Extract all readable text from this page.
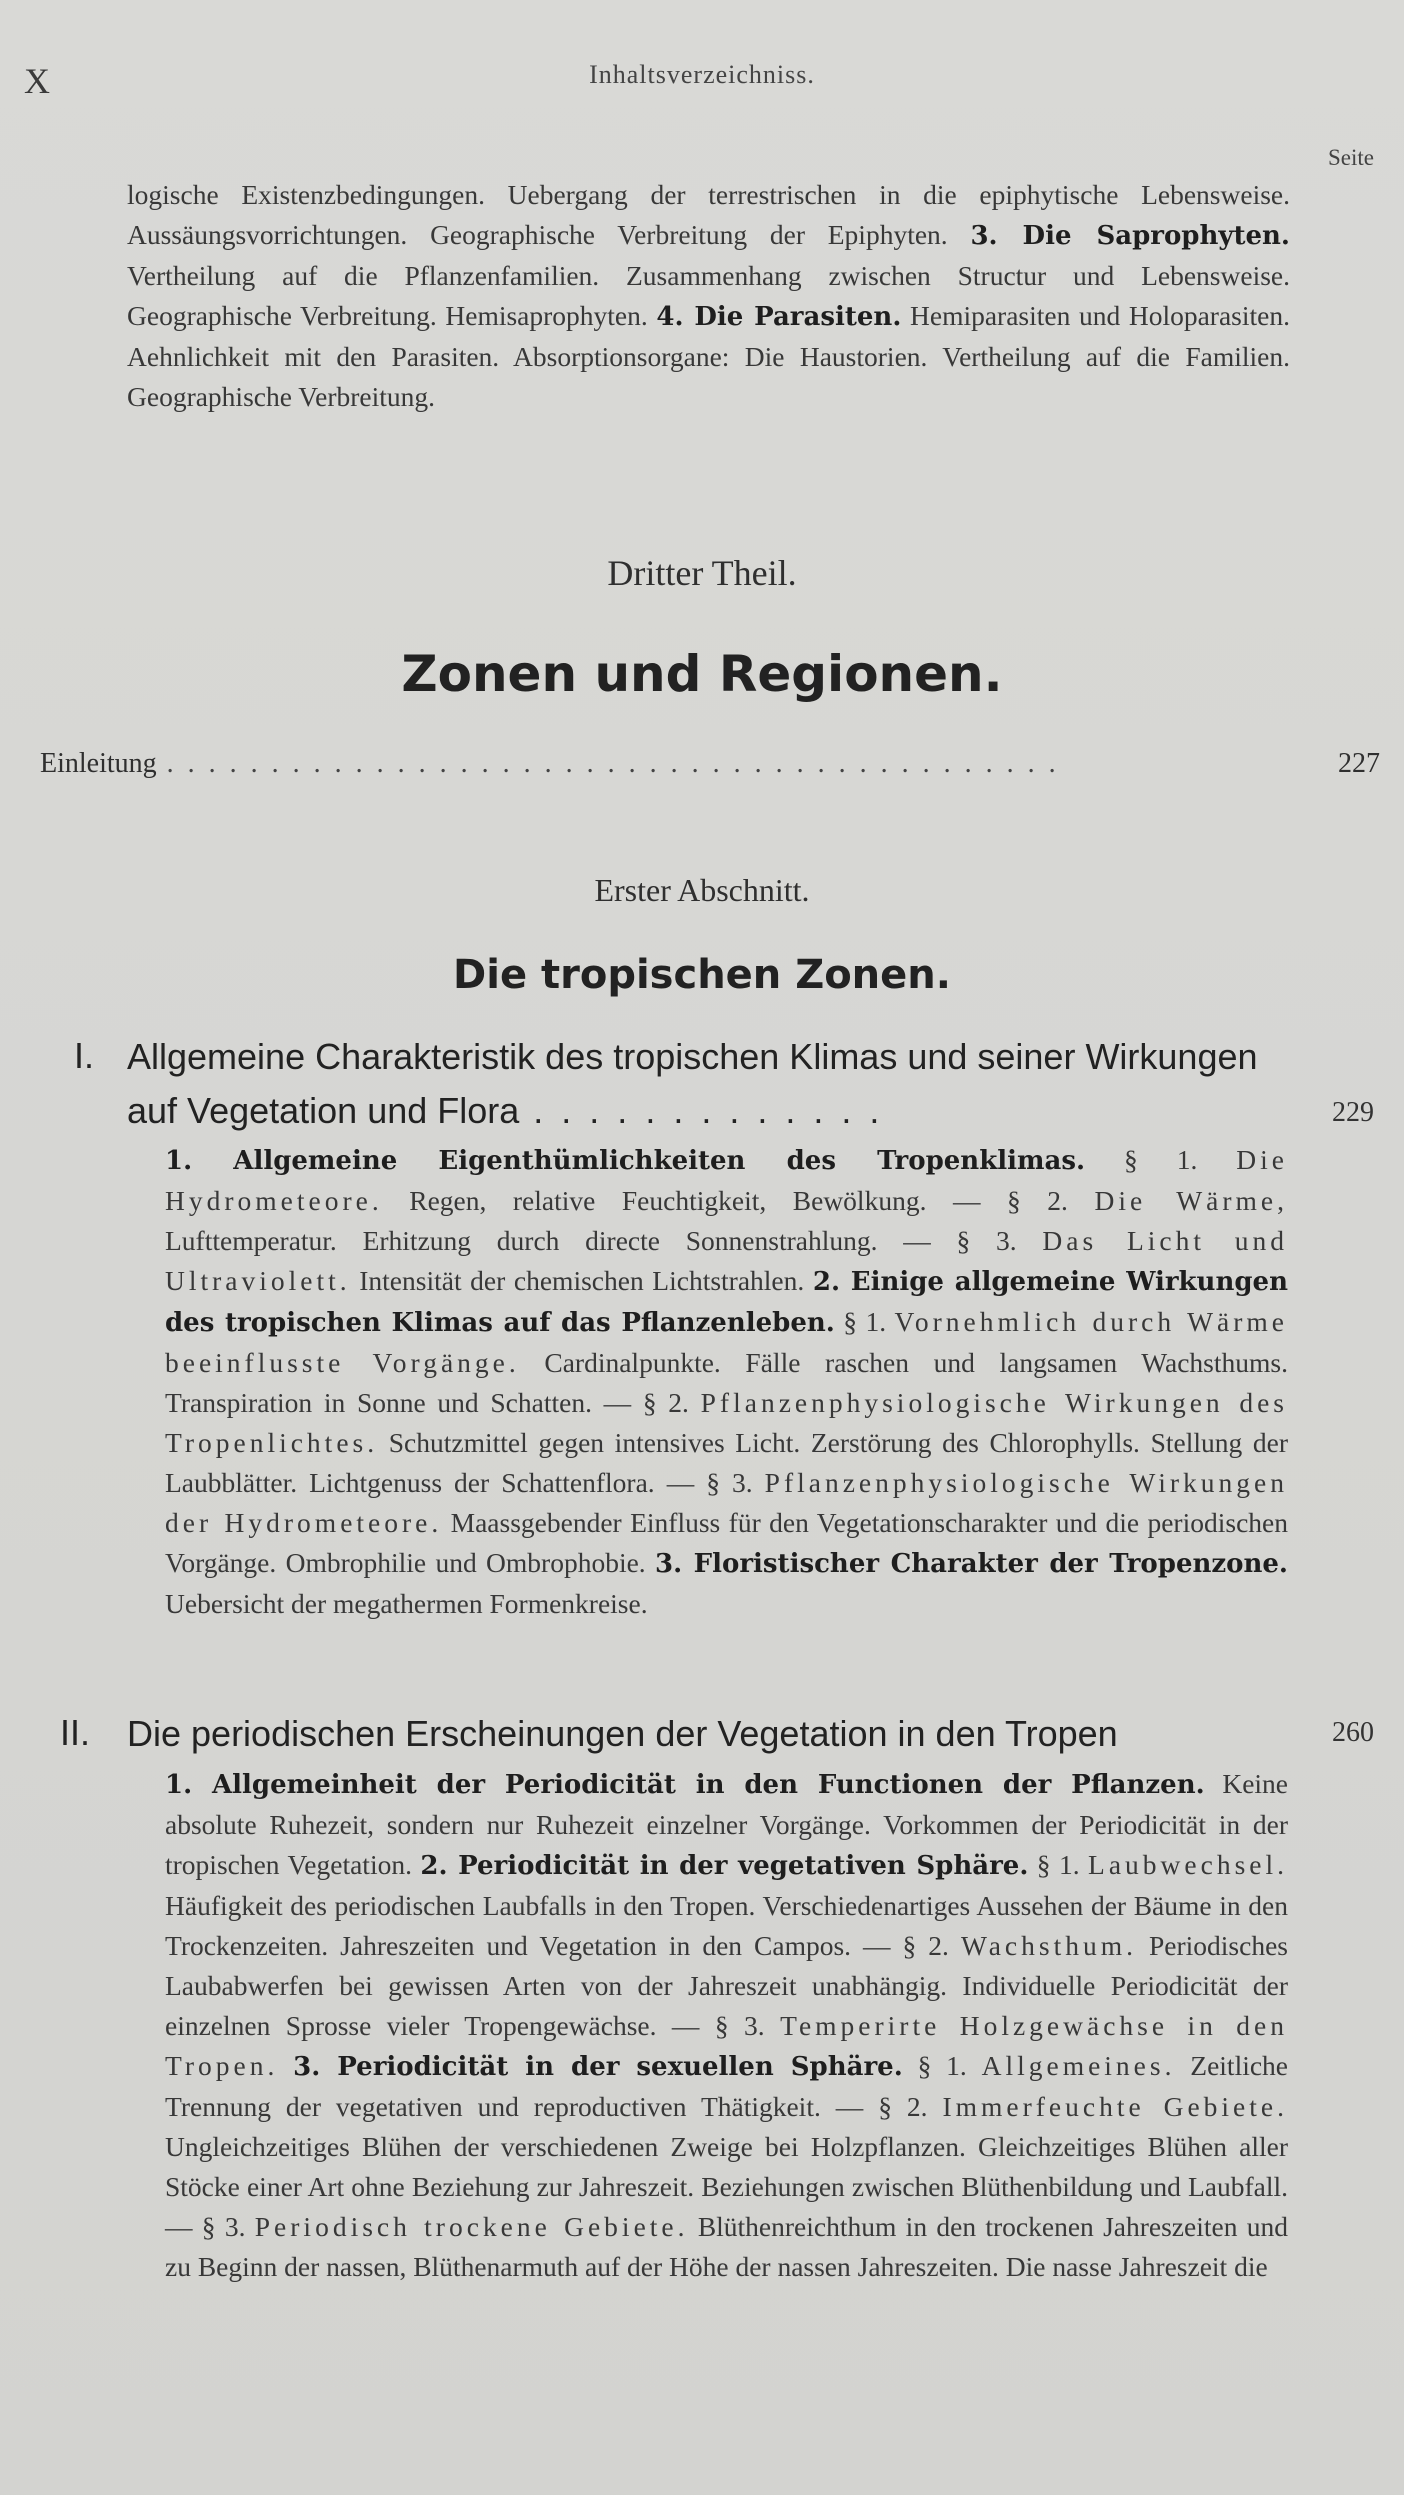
X	Inhaltsverzeichniss.
Seite
logische Existenzbedingungen. Uebergang der terrestrischen in die epiphytische Lebensweise. Aussäungsvorrichtungen. Geographische Verbreitung der Epiphyten. 3. Die Saprophyten. Vertheilung auf die Pflanzenfamilien. Zusammenhang zwischen Structur und Lebensweise. Geographische Verbreitung. Hemisaprophyten. 4. Die Parasiten. Hemiparasiten und Holoparasiten. Aehnlichkeit mit den Parasiten. Absorptionsorgane: Die Haustorien. Vertheilung auf die Familien. Geographische Verbreitung.
Dritter Theil.
Zonen und Regionen.
Einleitung ...........................................	227
Erster Abschnitt.
Die tropischen Zonen.
I. Allgemeine Charakteristik des tropischen Klimas und seiner Wirkungen auf Vegetation und Flora . . . . . . . . . . . . .	229
1. Allgemeine Eigenthümlichkeiten des Tropenklimas. § 1. Die Hydrometeore. Regen, relative Feuchtigkeit, Bewölkung. — § 2. Die Wärme, Lufttemperatur. Erhitzung durch directe Sonnenstrahlung. — § 3. Das Licht und Ultraviolett. Intensität der chemischen Lichtstrahlen. 2. Einige allgemeine Wirkungen des tropischen Klimas auf das Pflanzenleben. § 1. Vornehmlich durch Wärme beeinflusste Vorgänge. Cardinalpunkte. Fälle raschen und langsamen Wachsthums. Transpiration in Sonne und Schatten. — § 2. Pflanzenphysiologische Wirkungen des Tropenlichtes. Schutzmittel gegen intensives Licht. Zerstörung des Chlorophylls. Stellung der Laubblätter. Lichtgenuss der Schattenflora. — § 3. Pflanzenphysiologische Wirkungen der Hydrometeore. Maassgebender Einfluss für den Vegetationscharakter und die periodischen Vorgänge. Ombrophilie und Ombrophobie. 3. Floristischer Charakter der Tropenzone. Uebersicht der megathermen Formenkreise.
II. Die periodischen Erscheinungen der Vegetation in den Tropen	260
1. Allgemeinheit der Periodicität in den Functionen der Pflanzen. Keine absolute Ruhezeit, sondern nur Ruhezeit einzelner Vorgänge. Vorkommen der Periodicität in der tropischen Vegetation. 2. Periodicität in der vegetativen Sphäre. § 1. Laubwechsel. Häufigkeit des periodischen Laubfalls in den Tropen. Verschiedenartiges Aussehen der Bäume in den Trockenzeiten. Jahreszeiten und Vegetation in den Campos. — § 2. Wachsthum. Periodisches Laubabwerfen bei gewissen Arten von der Jahreszeit unabhängig. Individuelle Periodicität der einzelnen Sprosse vieler Tropengewächse. — § 3. Temperirte Holzgewächse in den Tropen. 3. Periodicität in der sexuellen Sphäre. § 1. Allgemeines. Zeitliche Trennung der vegetativen und reproductiven Thätigkeit. — § 2. Immerfeuchte Gebiete. Ungleichzeitiges Blühen der verschiedenen Zweige bei Holzpflanzen. Gleichzeitiges Blühen aller Stöcke einer Art ohne Beziehung zur Jahreszeit. Beziehungen zwischen Blüthenbildung und Laubfall. — § 3. Periodisch trockene Gebiete. Blüthenreichthum in den trockenen Jahreszeiten und zu Beginn der nassen, Blüthenarmuth auf der Höhe der nassen Jahreszeiten. Die nasse Jahreszeit die
